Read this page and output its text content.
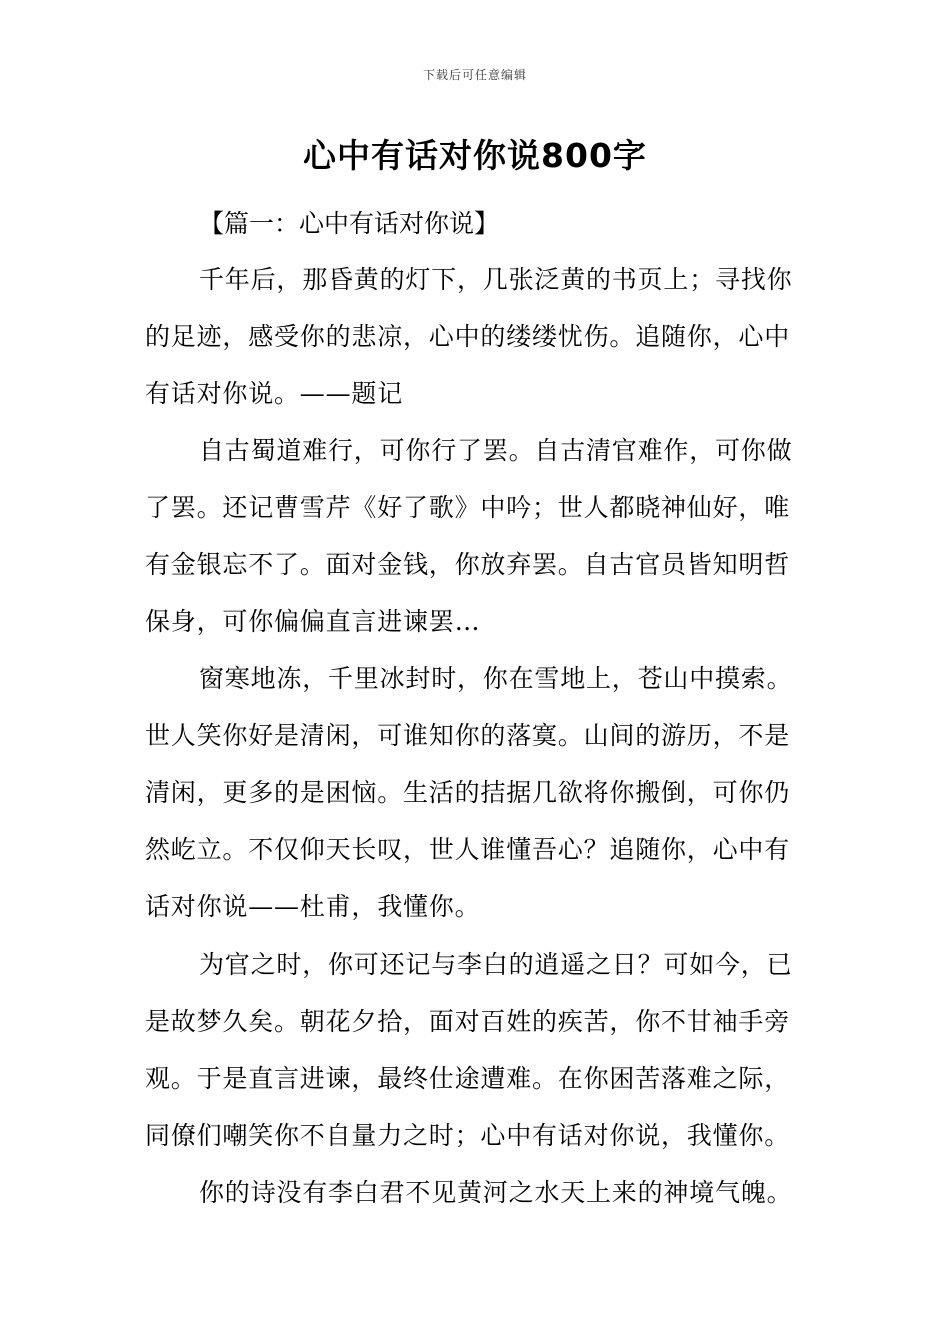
下载后可任意编辑
心中有话对你说800字
【篇一：心中有话对你说】
千年后，那昏黄的灯下，几张泛黄的书页上；寻找你
的足迹，感受你的悲凉，心中的缕缕忧伤。追随你，心中
有话对你说。——题记
自古蜀道难行，可你行了罢。自古清官难作，可你做
了罢。还记曹雪芹《好了歌》中吟；世人都晓神仙好，唯
有金银忘不了。面对金钱，你放弃罢。自古官员皆知明哲
保身，可你偏偏直言进谏罢…
窗寒地冻，千里冰封时，你在雪地上，苍山中摸索。
世人笑你好是清闲，可谁知你的落寞。山间的游历，不是
清闲，更多的是困恼。生活的拮据几欲将你搬倒，可你仍
然屹立。不仅仰天长叹，世人谁懂吾心？追随你，心中有
话对你说——杜甫，我懂你。
为官之时，你可还记与李白的逍遥之日？可如今，已
是故梦久矣。朝花夕拾，面对百姓的疾苦，你不甘袖手旁
观。于是直言进谏，最终仕途遭难。在你困苦落难之际，
同僚们嘲笑你不自量力之时；心中有话对你说，我懂你。
你的诗没有李白君不见黄河之水天上来的神境气魄。
